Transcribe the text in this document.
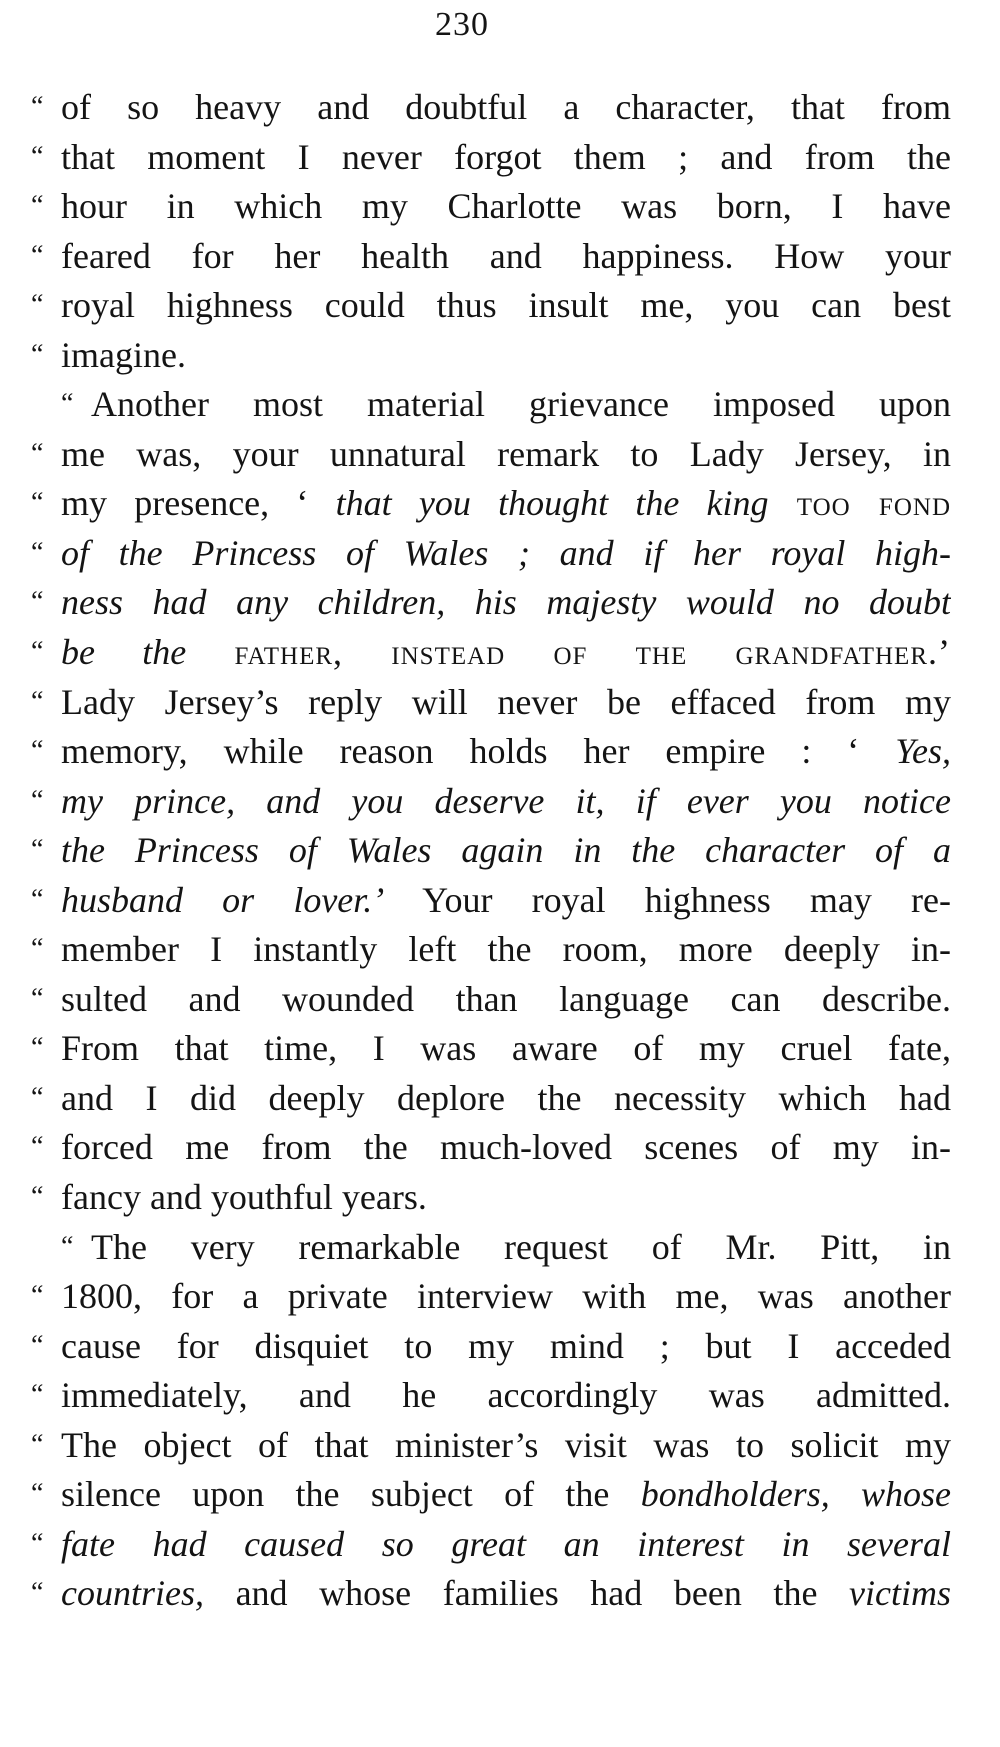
230
“ of so heavy and doubtful a character, that from
“ that moment I never forgot them ; and from the
“ hour in which my Charlotte was born, I have
“ feared for her health and happiness. How your
“ royal highness could thus insult me, you can best
“ imagine.
“ Another most material grievance imposed upon
“ me was, your unnatural remark to Lady Jersey, in
“ my presence, ‘ that you thought the king too fond
“ of the Princess of Wales ; and if her royal high-
“ ness had any children, his majesty would no doubt
“ be the father, instead of the grandfather.’
“ Lady Jersey’s reply will never be effaced from my
“ memory, while reason holds her empire : ‘ Yes,
“ my prince, and you deserve it, if ever you notice
“ the Princess of Wales again in the character of a
“ husband or lover.’ Your royal highness may re-
“ member I instantly left the room, more deeply in-
“ sulted and wounded than language can describe.
“ From that time, I was aware of my cruel fate,
“ and I did deeply deplore the necessity which had
“ forced me from the much-loved scenes of my in-
“ fancy and youthful years.
“ The very remarkable request of Mr. Pitt, in
“ 1800, for a private interview with me, was another
“ cause for disquiet to my mind ; but I acceded
“ immediately, and he accordingly was admitted.
“ The object of that minister’s visit was to solicit my
“ silence upon the subject of the bondholders, whose
“ fate had caused so great an interest in several
“ countries, and whose families had been the victims
